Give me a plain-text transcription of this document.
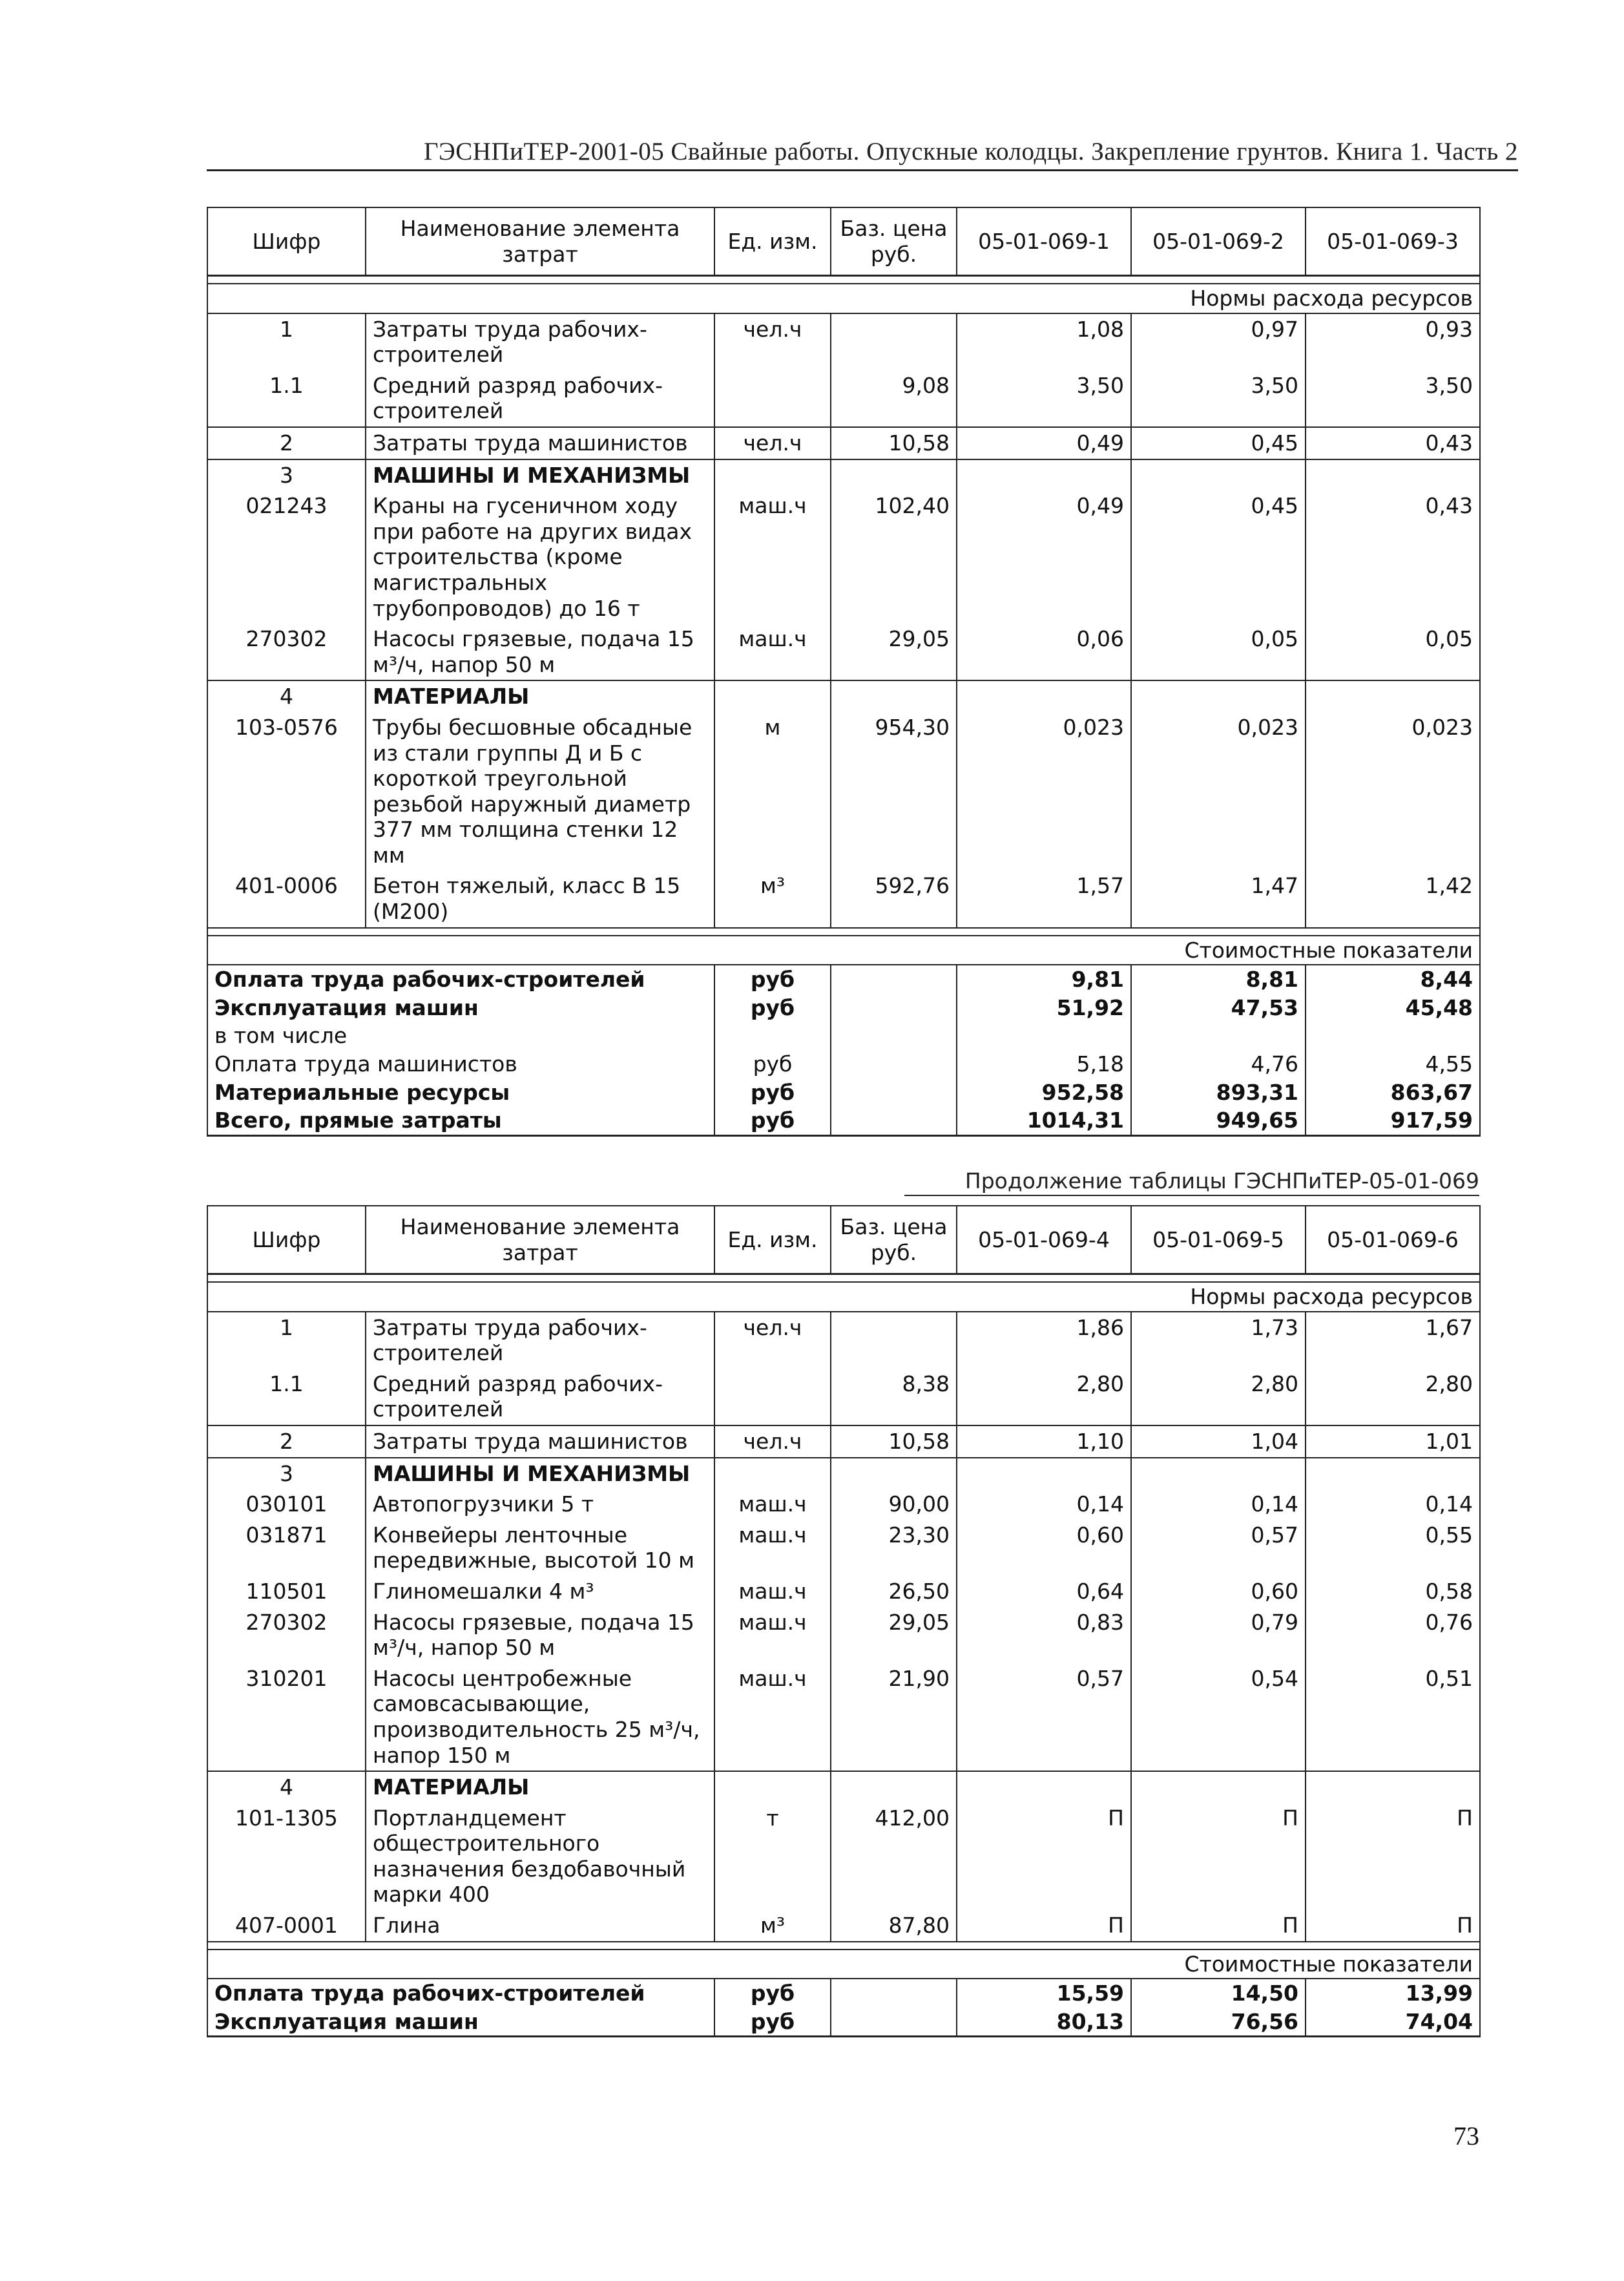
ГЭСНПиТЕР-2001-05 Свайные работы. Опускные колодцы. Закрепление грунтов. Книга 1. Часть 2
Шифр	Наименование элемента затрат	Ед. изм.	Баз. цена руб.	05-01-069-1	05-01-069-2	05-01-069-3

Нормы расхода ресурсов						
1	Затраты труда рабочих-строителей	чел.ч		1,08	0,97	0,93
1.1	Средний разряд рабочих-строителей		9,08	3,50	3,50	3,50
2	Затраты труда машинистов	чел.ч	10,58	0,49	0,45	0,43
3	МАШИНЫ И МЕХАНИЗМЫ					
021243	Краны на гусеничном ходу при работе на других видах строительства (кроме магистральных трубопроводов) до 16 т	маш.ч	102,40	0,49	0,45	0,43
270302	Насосы грязевые, подача 15 м³/ч, напор 50 м	маш.ч	29,05	0,06	0,05	0,05
4	МАТЕРИАЛЫ					
103-0576	Трубы бесшовные обсадные из стали группы Д и Б с короткой треугольной резьбой наружный диаметр 377 мм толщина стенки 12 мм	м	954,30	0,023	0,023	0,023
401-0006	Бетон тяжелый, класс В 15 (М200)	м³	592,76	1,57	1,47	1,42

Стоимостные показатели						
Оплата труда рабочих-строителей		руб		9,81	8,81	8,44
Эксплуатация машин		руб		51,92	47,53	45,48
в том числе						
Оплата труда машинистов		руб		5,18	4,76	4,55
Материальные ресурсы		руб		952,58	893,31	863,67
Всего, прямые затраты		руб		1014,31	949,65	917,59
Продолжение таблицы ГЭСНПиТЕР-05-01-069
Шифр	Наименование элемента затрат	Ед. изм.	Баз. цена руб.	05-01-069-4	05-01-069-5	05-01-069-6

Нормы расхода ресурсов						
1	Затраты труда рабочих-строителей	чел.ч		1,86	1,73	1,67
1.1	Средний разряд рабочих-строителей		8,38	2,80	2,80	2,80
2	Затраты труда машинистов	чел.ч	10,58	1,10	1,04	1,01
3	МАШИНЫ И МЕХАНИЗМЫ					
030101	Автопогрузчики 5 т	маш.ч	90,00	0,14	0,14	0,14
031871	Конвейеры ленточные передвижные, высотой 10 м	маш.ч	23,30	0,60	0,57	0,55
110501	Глиномешалки 4 м³	маш.ч	26,50	0,64	0,60	0,58
270302	Насосы грязевые, подача 15 м³/ч, напор 50 м	маш.ч	29,05	0,83	0,79	0,76
310201	Насосы центробежные самовсасывающие, производительность 25 м³/ч, напор 150 м	маш.ч	21,90	0,57	0,54	0,51
4	МАТЕРИАЛЫ					
101-1305	Портландцемент общестроительного назначения бездобавочный марки 400	т	412,00	П	П	П
407-0001	Глина	м³	87,80	П	П	П

Стоимостные показатели						
Оплата труда рабочих-строителей		руб		15,59	14,50	13,99
Эксплуатация машин		руб		80,13	76,56	74,04
73
